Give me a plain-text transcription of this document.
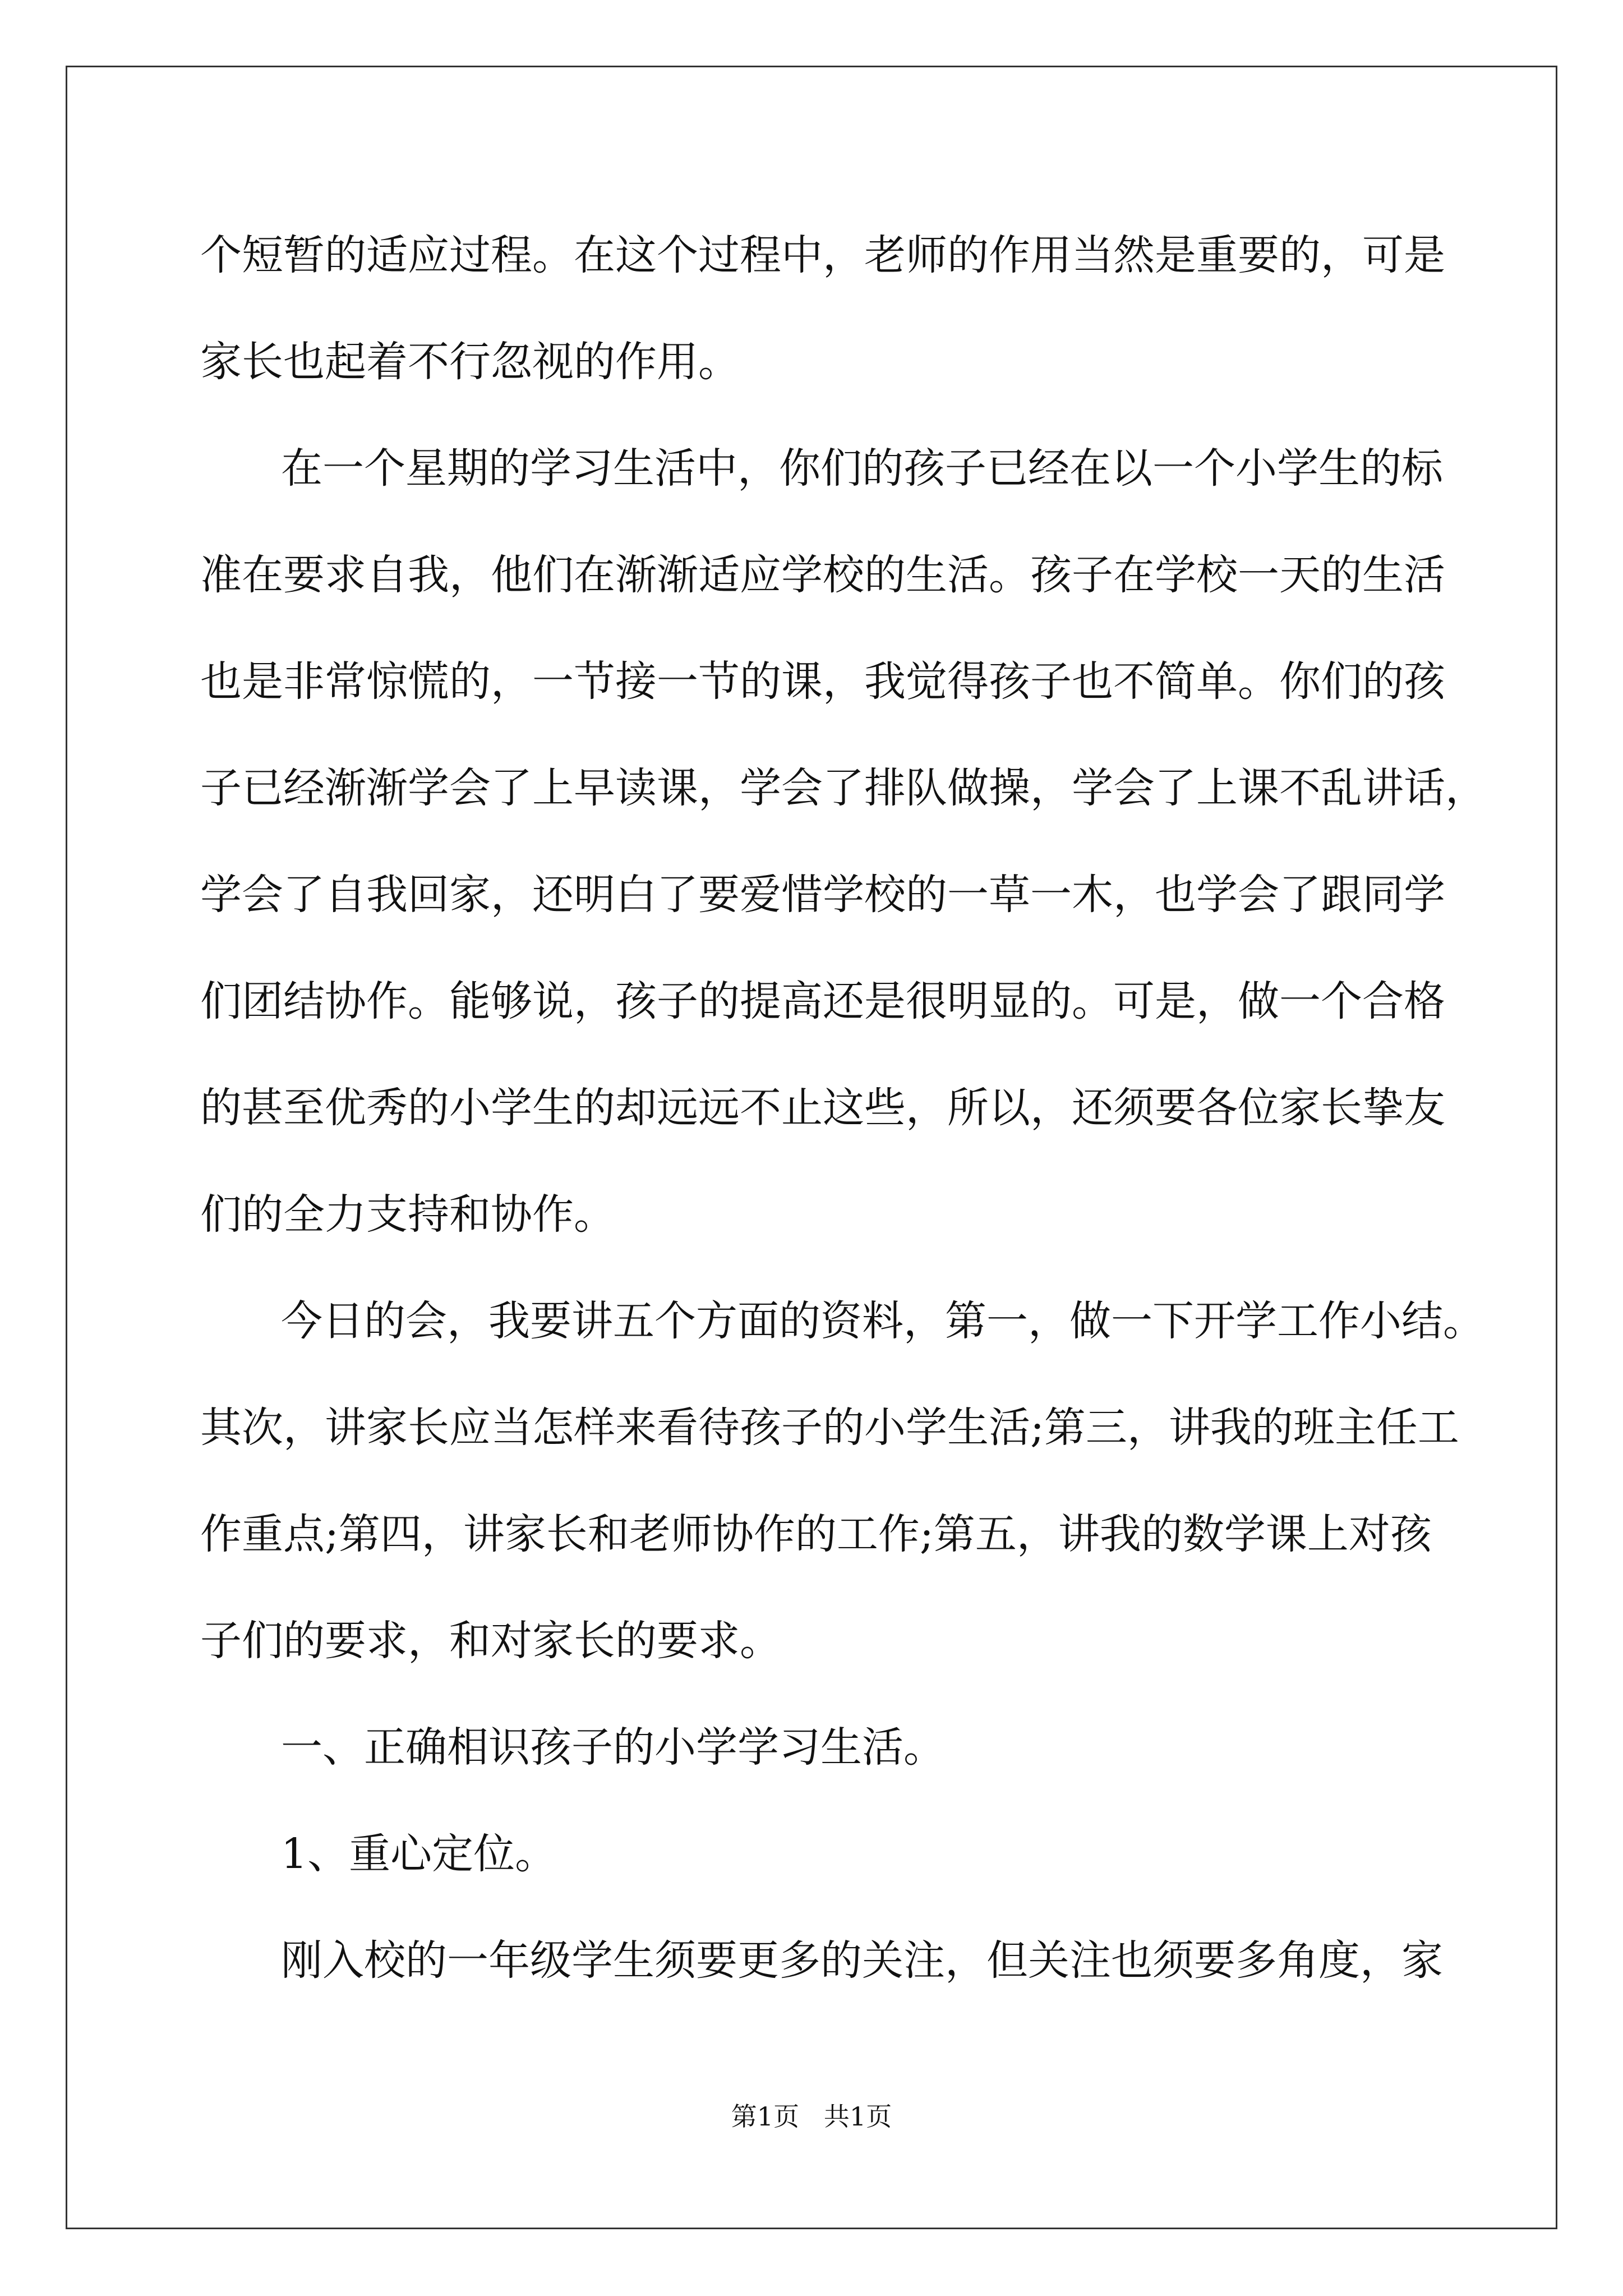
个短暂的适应过程。在这个过程中，老师的作用当然是重要的，可是

家长也起着不行忽视的作用。

在一个星期的学习生活中，你们的孩子已经在以一个小学生的标

准在要求自我，他们在渐渐适应学校的生活。孩子在学校一天的生活

也是非常惊慌的，一节接一节的课，我觉得孩子也不简单。你们的孩

子已经渐渐学会了上早读课，学会了排队做操，学会了上课不乱讲话，

学会了自我回家，还明白了要爱惜学校的一草一木，也学会了跟同学

们团结协作。能够说，孩子的提高还是很明显的。可是，做一个合格

的甚至优秀的小学生的却远远不止这些，所以，还须要各位家长挚友

们的全力支持和协作。

今日的会，我要讲五个方面的资料，第一，做一下开学工作小结。

其次，讲家长应当怎样来看待孩子的小学生活;第三，讲我的班主任工

作重点;第四，讲家长和老师协作的工作;第五，讲我的数学课上对孩

子们的要求，和对家长的要求。

一、正确相识孩子的小学学习生活。

1、重心定位。

刚入校的一年级学生须要更多的关注，但关注也须要多角度，家

第1页   共1页
